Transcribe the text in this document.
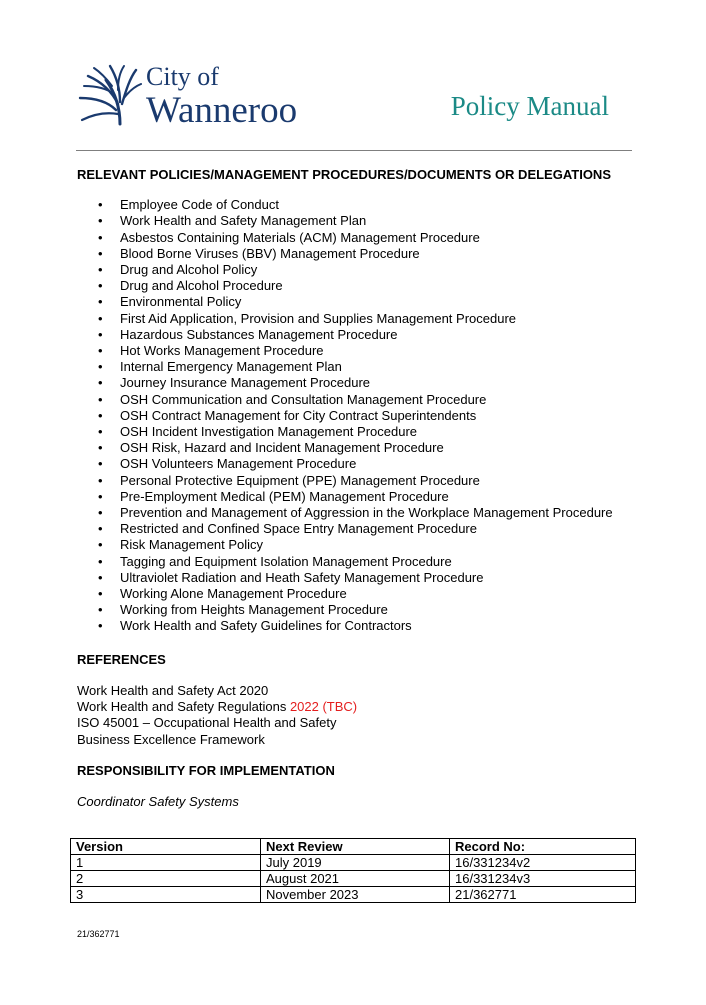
City of
Wanneroo	Policy Manual

RELEVANT POLICIES/MANAGEMENT PROCEDURES/DOCUMENTS OR DELEGATIONS

• Employee Code of Conduct
• Work Health and Safety Management Plan
• Asbestos Containing Materials (ACM) Management Procedure
• Blood Borne Viruses (BBV) Management Procedure
• Drug and Alcohol Policy
• Drug and Alcohol Procedure
• Environmental Policy
• First Aid Application, Provision and Supplies Management Procedure
• Hazardous Substances Management Procedure
• Hot Works Management Procedure
• Internal Emergency Management Plan
• Journey Insurance Management Procedure
• OSH Communication and Consultation Management Procedure
• OSH Contract Management for City Contract Superintendents
• OSH Incident Investigation Management Procedure
• OSH Risk, Hazard and Incident Management Procedure
• OSH Volunteers Management Procedure
• Personal Protective Equipment (PPE) Management Procedure
• Pre-Employment Medical (PEM) Management Procedure
• Prevention and Management of Aggression in the Workplace Management Procedure
• Restricted and Confined Space Entry Management Procedure
• Risk Management Policy
• Tagging and Equipment Isolation Management Procedure
• Ultraviolet Radiation and Heath Safety Management Procedure
• Working Alone Management Procedure
• Working from Heights Management Procedure
• Work Health and Safety Guidelines for Contractors

REFERENCES

Work Health and Safety Act 2020
Work Health and Safety Regulations 2022 (TBC)
ISO 45001 – Occupational Health and Safety
Business Excellence Framework

RESPONSIBILITY FOR IMPLEMENTATION

Coordinator Safety Systems

Version	Next Review	Record No:
1	July 2019	16/331234v2
2	August 2021	16/331234v3
3	November 2023	21/362771
21/362771
